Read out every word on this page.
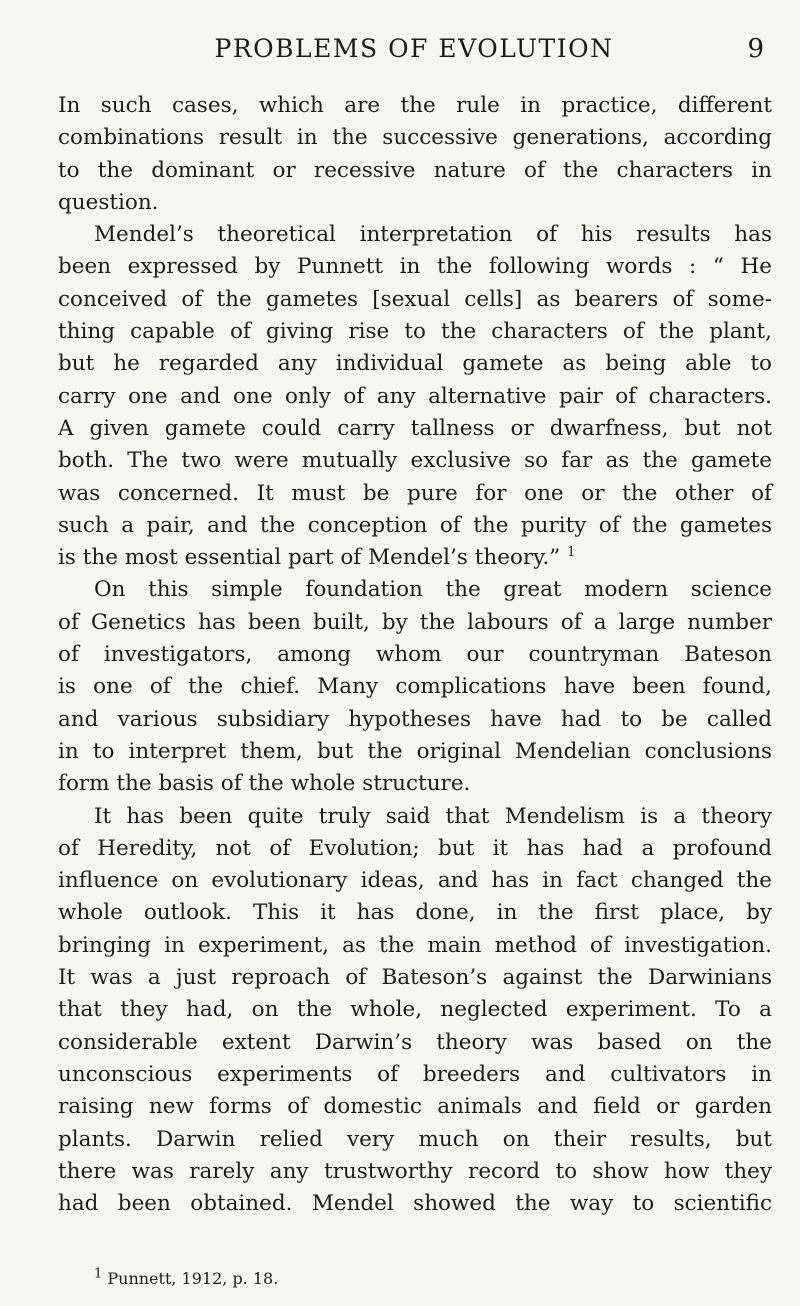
PROBLEMS OF EVOLUTION	9
In such cases, which are the rule in practice, different
combinations result in the successive generations, according
to the dominant or recessive nature of the characters in
question.
Mendel’s theoretical interpretation of his results has
been expressed by Punnett in the following words : “ He
conceived of the gametes [sexual cells] as bearers of some-
thing capable of giving rise to the characters of the plant,
but he regarded any individual gamete as being able to
carry one and one only of any alternative pair of characters.
A given gamete could carry tallness or dwarfness, but not
both. The two were mutually exclusive so far as the gamete
was concerned. It must be pure for one or the other of
such a pair, and the conception of the purity of the gametes
is the most essential part of Mendel’s theory.” $^1$
On this simple foundation the great modern science
of Genetics has been built, by the labours of a large number
of investigators, among whom our countryman Bateson
is one of the chief. Many complications have been found,
and various subsidiary hypotheses have had to be called
in to interpret them, but the original Mendelian conclusions
form the basis of the whole structure.
It has been quite truly said that Mendelism is a theory
of Heredity, not of Evolution; but it has had a profound
influence on evolutionary ideas, and has in fact changed the
whole outlook. This it has done, in the first place, by
bringing in experiment, as the main method of investigation.
It was a just reproach of Bateson’s against the Darwinians
that they had, on the whole, neglected experiment. To a
considerable extent Darwin’s theory was based on the
unconscious experiments of breeders and cultivators in
raising new forms of domestic animals and field or garden
plants. Darwin relied very much on their results, but
there was rarely any trustworthy record to show how they
had been obtained. Mendel showed the way to scientific
$^1$ Punnett, 1912, p. 18.
